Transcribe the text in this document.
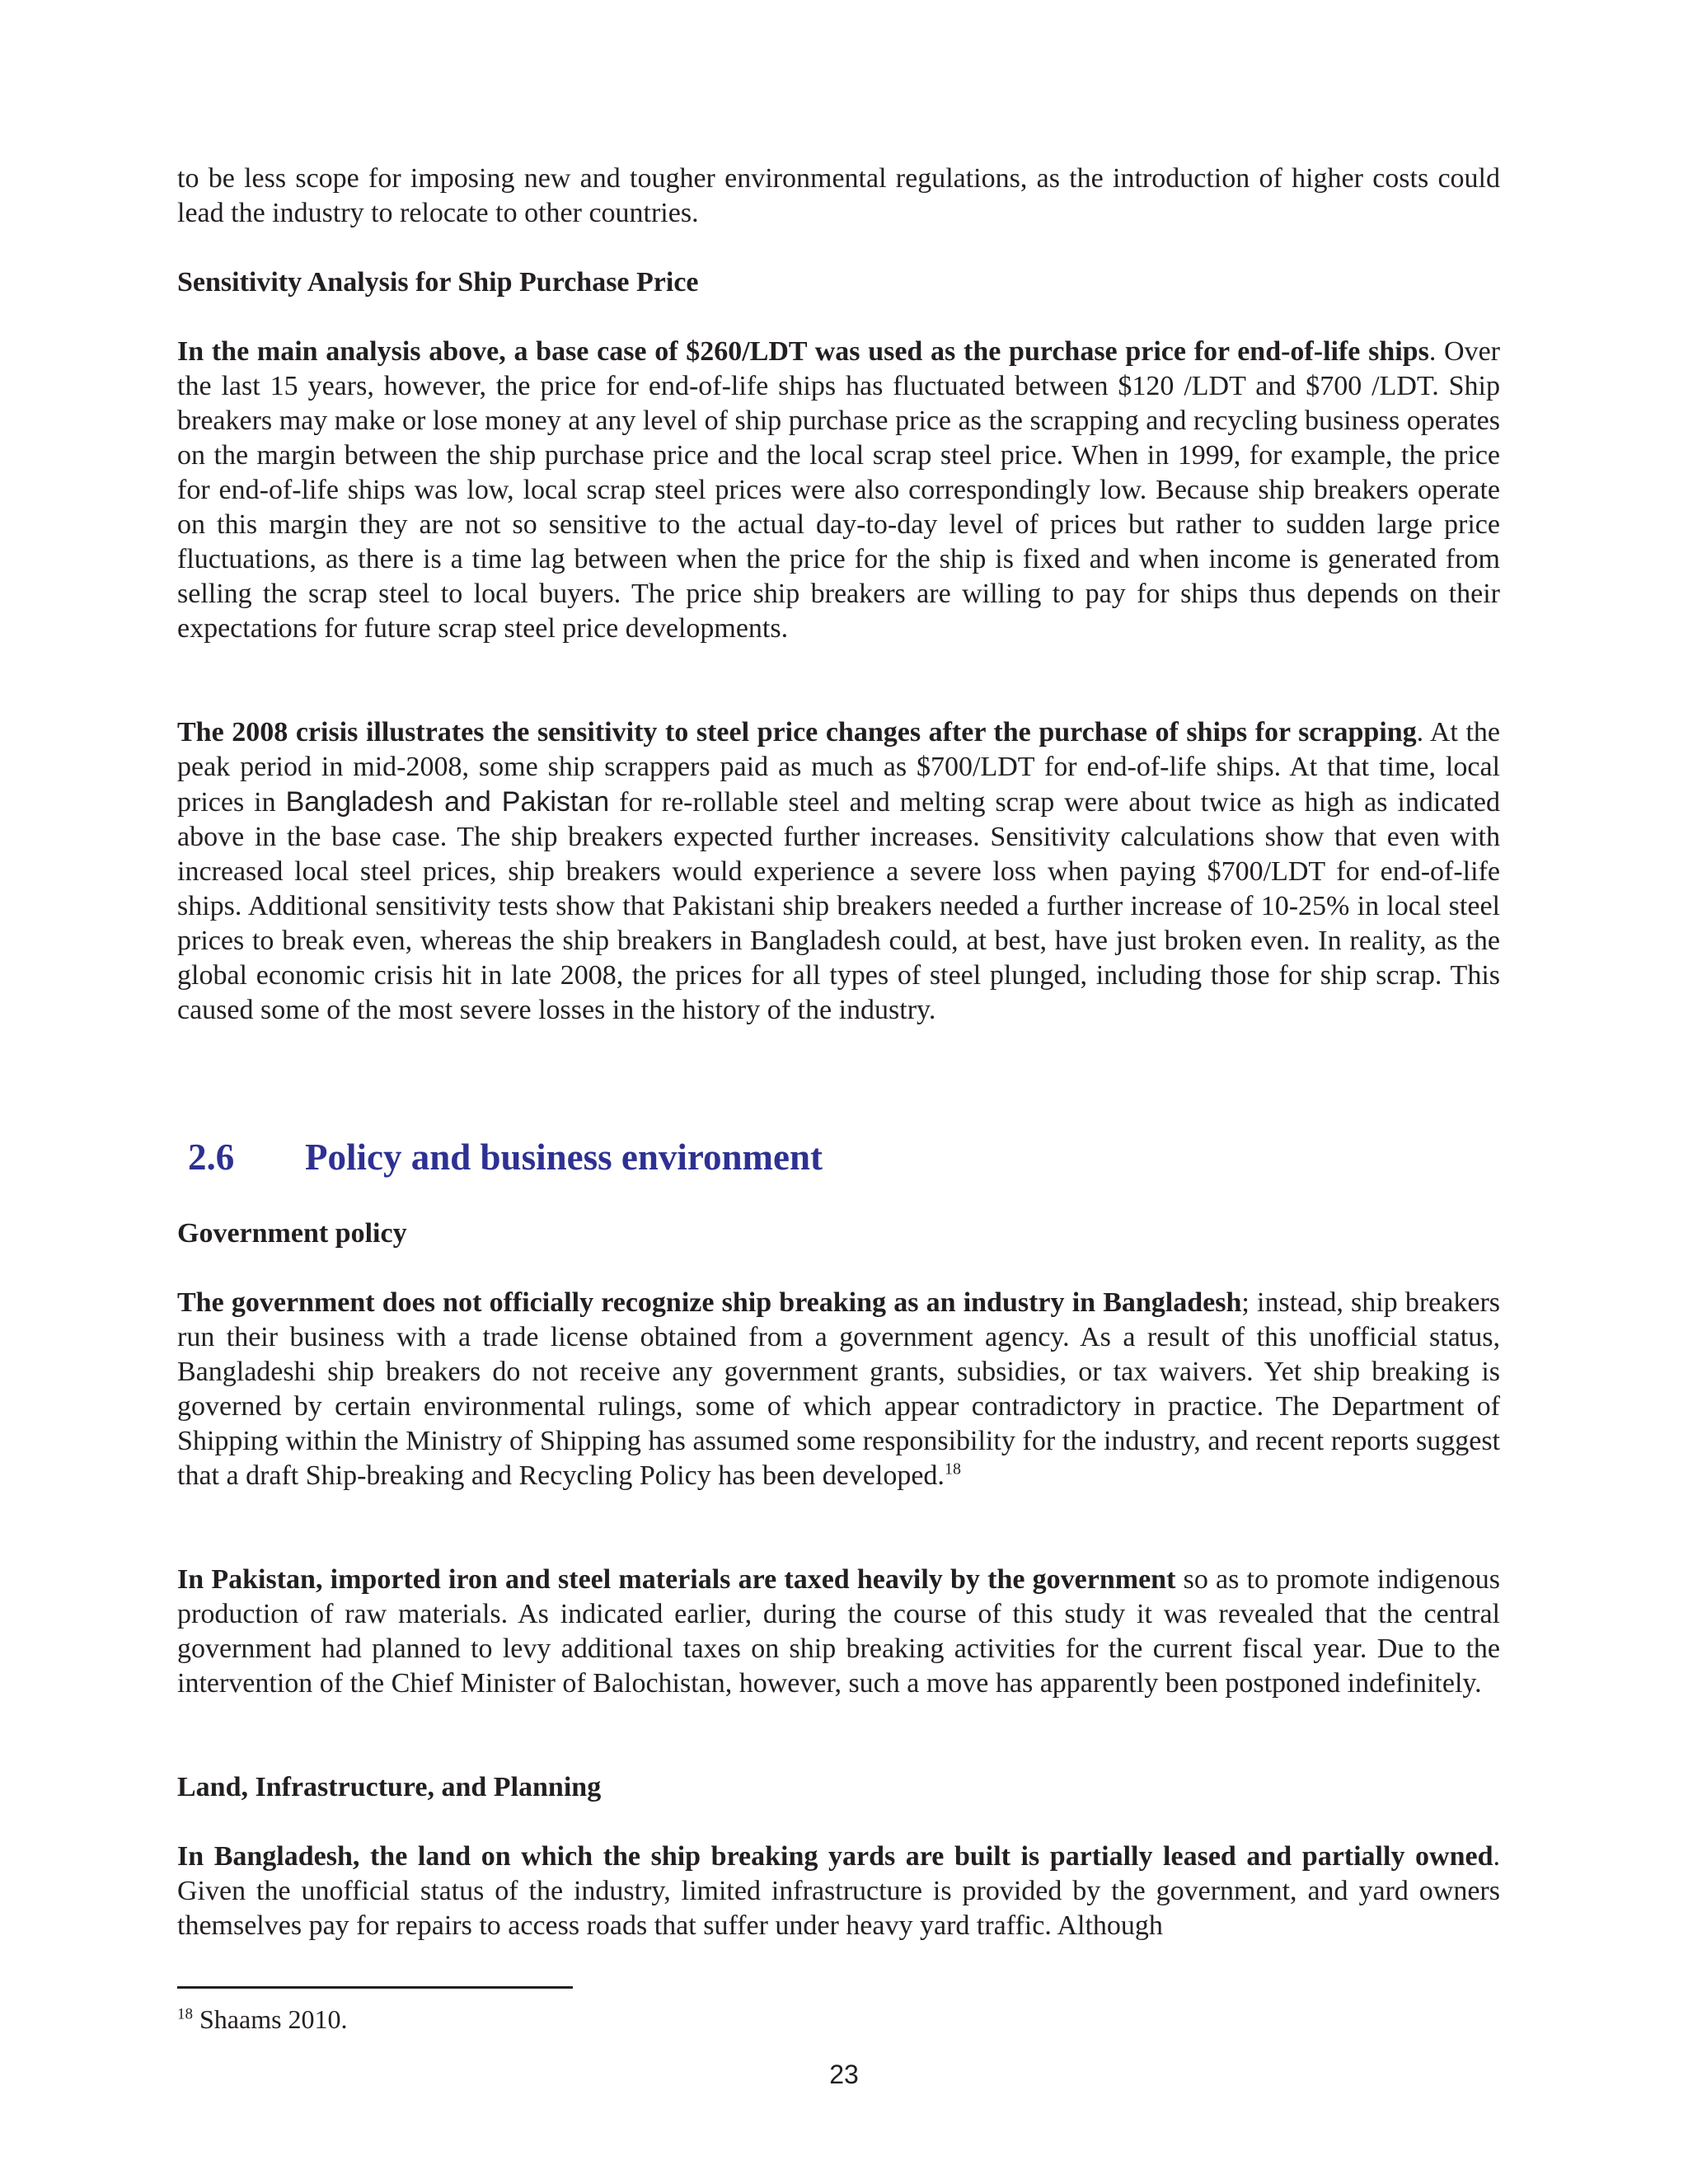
to be less scope for imposing new and tougher environmental regulations, as the introduction of higher costs could lead the industry to relocate to other countries.

Sensitivity Analysis for Ship Purchase Price

In the main analysis above, a base case of $260/LDT was used as the purchase price for end-of-life ships. Over the last 15 years, however, the price for end-of-life ships has fluctuated between $120 /LDT and $700 /LDT. Ship breakers may make or lose money at any level of ship purchase price as the scrapping and recycling business operates on the margin between the ship purchase price and the local scrap steel price. When in 1999, for example, the price for end-of-life ships was low, local scrap steel prices were also correspondingly low. Because ship breakers operate on this margin they are not so sensitive to the actual day-to-day level of prices but rather to sudden large price fluctuations, as there is a time lag between when the price for the ship is fixed and when income is generated from selling the scrap steel to local buyers. The price ship breakers are willing to pay for ships thus depends on their expectations for future scrap steel price developments.

The 2008 crisis illustrates the sensitivity to steel price changes after the purchase of ships for scrapping. At the peak period in mid-2008, some ship scrappers paid as much as $700/LDT for end-of-life ships. At that time, local prices in Bangladesh and Pakistan for re-rollable steel and melting scrap were about twice as high as indicated above in the base case. The ship breakers expected further increases. Sensitivity calculations show that even with increased local steel prices, ship breakers would experience a severe loss when paying $700/LDT for end-of-life ships. Additional sensitivity tests show that Pakistani ship breakers needed a further increase of 10-25% in local steel prices to break even, whereas the ship breakers in Bangladesh could, at best, have just broken even. In reality, as the global economic crisis hit in late 2008, the prices for all types of steel plunged, including those for ship scrap. This caused some of the most severe losses in the history of the industry.

2.6 Policy and business environment
Government policy

The government does not officially recognize ship breaking as an industry in Bangladesh; instead, ship breakers run their business with a trade license obtained from a government agency. As a result of this unofficial status, Bangladeshi ship breakers do not receive any government grants, subsidies, or tax waivers. Yet ship breaking is governed by certain environmental rulings, some of which appear contradictory in practice. The Department of Shipping within the Ministry of Shipping has assumed some responsibility for the industry, and recent reports suggest that a draft Ship-breaking and Recycling Policy has been developed.$^{18}$

In Pakistan, imported iron and steel materials are taxed heavily by the government so as to promote indigenous production of raw materials. As indicated earlier, during the course of this study it was revealed that the central government had planned to levy additional taxes on ship breaking activities for the current fiscal year. Due to the intervention of the Chief Minister of Balochistan, however, such a move has apparently been postponed indefinitely.

Land, Infrastructure, and Planning

In Bangladesh, the land on which the ship breaking yards are built is partially leased and partially owned. Given the unofficial status of the industry, limited infrastructure is provided by the government, and yard owners themselves pay for repairs to access roads that suffer under heavy yard traffic. Although

$^{18}$ Shaams 2010.

23
